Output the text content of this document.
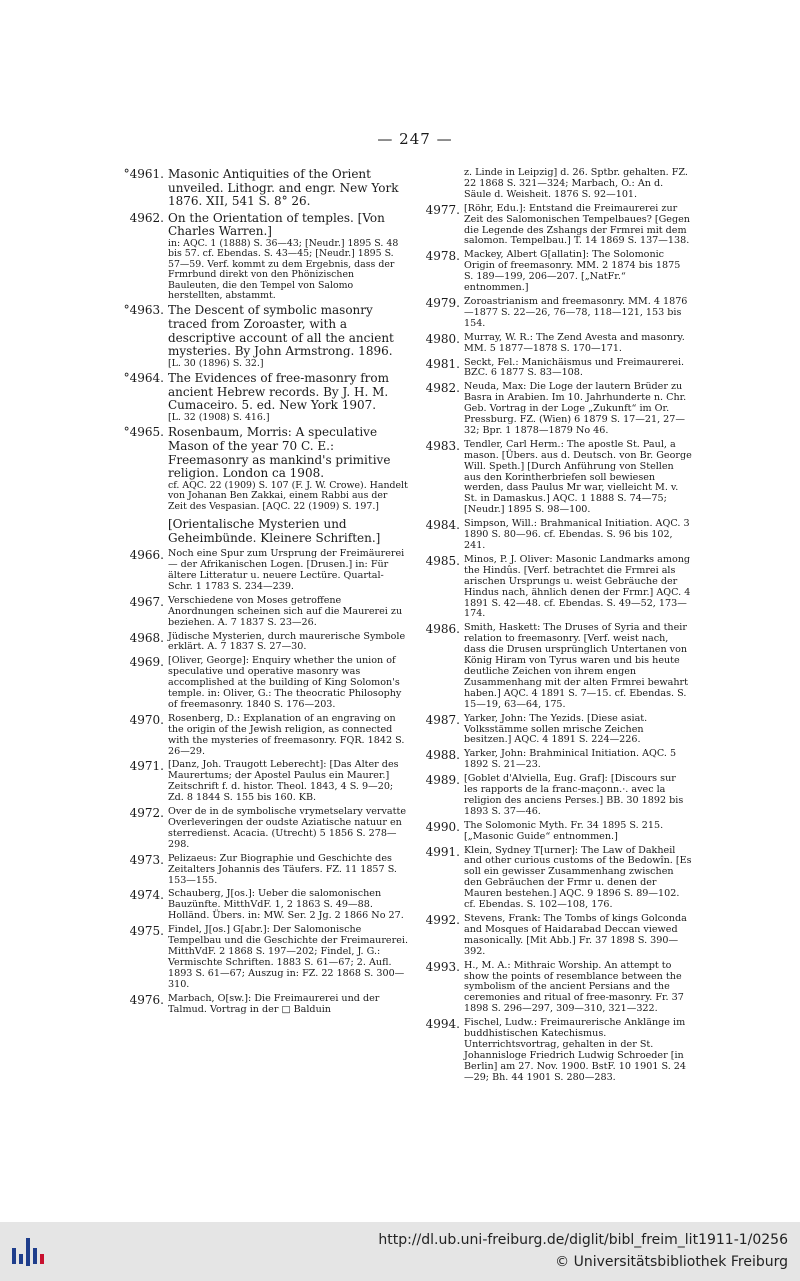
— 247 —
°4961. Masonic Antiquities of the Orient unveiled. Lithogr. and engr. New York 1876. XII, 541 S. 8° 26.
4962. On the Orientation of temples. [Von Charles Warren.]
in: AQC. 1 (1888) S. 36—43; [Neudr.] 1895 S. 48 bis 57. cf. Ebendas. S. 43—45; [Neudr.] 1895 S. 57—59. Verf. kommt zu dem Ergebnis, dass der Frmrbund direkt von den Phönizischen Bauleuten, die den Tempel von Salomo herstellten, abstammt.
°4963. The Descent of symbolic masonry traced from Zoroaster, with a descriptive account of all the ancient mysteries. By John Armstrong. 1896.
[L. 30 (1896) S. 32.]
°4964. The Evidences of free-masonry from ancient Hebrew records. By J. H. M. Cumaceiro. 5. ed. New York 1907.
[L. 32 (1908) S. 416.]
°4965. Rosenbaum, Morris: A speculative Mason of the year 70 C. E.: Freemasonry as mankind's primitive religion. London ca 1908.
cf. AQC. 22 (1909) S. 107 (F. J. W. Crowe). Handelt von Johanan Ben Zakkai, einem Rabbi aus der Zeit des Vespasian. [AQC. 22 (1909) S. 197.]
[Orientalische Mysterien und Geheimbünde. Kleinere Schriften.]
4966. Noch eine Spur zum Ursprung der Freimäurerei — der Afrikanischen Logen. [Drusen.] in: Für ältere Litteratur u. neuere Lectüre. Quartal-Schr. 1 1783 S. 234—239.
4967. Verschiedene von Moses getroffene Anordnungen scheinen sich auf die Maurerei zu beziehen. A. 7 1837 S. 23—26.
4968. Jüdische Mysterien, durch maurerische Symbole erklärt. A. 7 1837 S. 27—30.
4969. [Oliver, George]: Enquiry whether the union of speculative und operative masonry was accomplished at the building of King Solomon's temple. in: Oliver, G.: The theocratic Philosophy of freemasonry. 1840 S. 176—203.
4970. Rosenberg, D.: Explanation of an engraving on the origin of the Jewish religion, as connected with the mysteries of freemasonry. FQR. 1842 S. 26—29.
4971. [Danz, Joh. Traugott Leberecht]: [Das Alter des Maurertums; der Apostel Paulus ein Maurer.] Zeitschrift f. d. histor. Theol. 1843, 4 S. 9—20; Zd. 8 1844 S. 155 bis 160. KB.
4972. Over de in de symbolische vrymetselary vervatte Overleveringen der oudste Aziatische natuur en sterredienst. Acacia. (Utrecht) 5 1856 S. 278—298.
4973. Pelizaeus: Zur Biographie und Geschichte des Zeitalters Johannis des Täufers. FZ. 11 1857 S. 153—155.
4974. Schauberg, J[os.]: Ueber die salomonischen Bauzünfte. MitthVdF. 1, 2 1863 S. 49—88. Holländ. Übers. in: MW. Ser. 2 Jg. 2 1866 No 27.
4975. Findel, J[os.] G[abr.]: Der Salomonische Tempelbau und die Geschichte der Freimaurerei. MitthVdF. 2 1868 S. 197—202; Findel, J. G.: Vermischte Schriften. 1883 S. 61—67; 2. Aufl. 1893 S. 61—67; Auszug in: FZ. 22 1868 S. 300—310.
4976. Marbach, O[sw.]: Die Freimaurerei und der Talmud. Vortrag in der □ Balduin
z. Linde in Leipzig] d. 26. Sptbr. gehalten. FZ. 22 1868 S. 321—324; Marbach, O.: An d. Säule d. Weisheit. 1876 S. 92—101.
4977. [Röhr, Edu.]: Entstand die Freimaurerei zur Zeit des Salomonischen Tempelbaues? [Gegen die Legende des Zshangs der Frmrei mit dem salomon. Tempelbau.] T. 14 1869 S. 137—138.
4978. Mackey, Albert G[allatin]: The Solomonic Origin of freemasonry. MM. 2 1874 bis 1875 S. 189—199, 206—207. [„NatFr.“ entnommen.]
4979. Zoroastrianism and freemasonry. MM. 4 1876—1877 S. 22—26, 76—78, 118—121, 153 bis 154.
4980. Murray, W. R.: The Zend Avesta and masonry. MM. 5 1877—1878 S. 170—171.
4981. Seckt, Fel.: Manichäismus und Freimaurerei. BZC. 6 1877 S. 83—108.
4982. Neuda, Max: Die Loge der lautern Brüder zu Basra in Arabien. Im 10. Jahrhunderte n. Chr. Geb. Vortrag in der Loge „Zukunft“ im Or. Pressburg. FZ. (Wien) 6 1879 S. 17—21, 27—32; Bpr. 1 1878—1879 No 46.
4983. Tendler, Carl Herm.: The apostle St. Paul, a mason. [Übers. aus d. Deutsch. von Br. George Will. Speth.] [Durch Anführung von Stellen aus den Korintherbriefen soll bewiesen werden, dass Paulus Mr war, vielleicht M. v. St. in Damaskus.] AQC. 1 1888 S. 74—75; [Neudr.] 1895 S. 98—100.
4984. Simpson, Will.: Brahmanical Initiation. AQC. 3 1890 S. 80—96. cf. Ebendas. S. 96 bis 102, 241.
4985. Minos, P. J. Oliver: Masonic Landmarks among the Hindûs. [Verf. betrachtet die Frmrei als arischen Ursprungs u. weist Gebräuche der Hindus nach, ähnlich denen der Frmr.] AQC. 4 1891 S. 42—48. cf. Ebendas. S. 49—52, 173—174.
4986. Smith, Haskett: The Druses of Syria and their relation to freemasonry. [Verf. weist nach, dass die Drusen ursprünglich Untertanen von König Hiram von Tyrus waren und bis heute deutliche Zeichen von ihrem engen Zusammenhang mit der alten Frmrei bewahrt haben.] AQC. 4 1891 S. 7—15. cf. Ebendas. S. 15—19, 63—64, 175.
4987. Yarker, John: The Yezids. [Diese asiat. Volksstämme sollen mrische Zeichen besitzen.] AQC. 4 1891 S. 224—226.
4988. Yarker, John: Brahminical Initiation. AQC. 5 1892 S. 21—23.
4989. [Goblet d'Alviella, Eug. Graf]: [Discours sur les rapports de la franc-maçonn.·. avec la religion des anciens Perses.] BB. 30 1892 bis 1893 S. 37—46.
4990. The Solomonic Myth. Fr. 34 1895 S. 215. [„Masonic Guide“ entnommen.]
4991. Klein, Sydney T[urner]: The Law of Dakheil and other curious customs of the Bedowîn. [Es soll ein gewisser Zusammenhang zwischen den Gebräuchen der Frmr u. denen der Mauren bestehen.] AQC. 9 1896 S. 89—102. cf. Ebendas. S. 102—108, 176.
4992. Stevens, Frank: The Tombs of kings Golconda and Mosques of Haidarabad Deccan viewed masonically. [Mit Abb.] Fr. 37 1898 S. 390—392.
4993. H., M. A.: Mithraic Worship. An attempt to show the points of resemblance between the symbolism of the ancient Persians and the ceremonies and ritual of free-masonry. Fr. 37 1898 S. 296—297, 309—310, 321—322.
4994. Fischel, Ludw.: Freimaurerische Anklänge im buddhistischen Katechismus. Unterrichtsvortrag, gehalten in der St. Johannisloge Friedrich Ludwig Schroeder [in Berlin] am 27. Nov. 1900. BstF. 10 1901 S. 24—29; Bh. 44 1901 S. 280—283.
http://dl.ub.uni-freiburg.de/diglit/bibl_freim_lit1911-1/0256
© Universitätsbibliothek Freiburg
